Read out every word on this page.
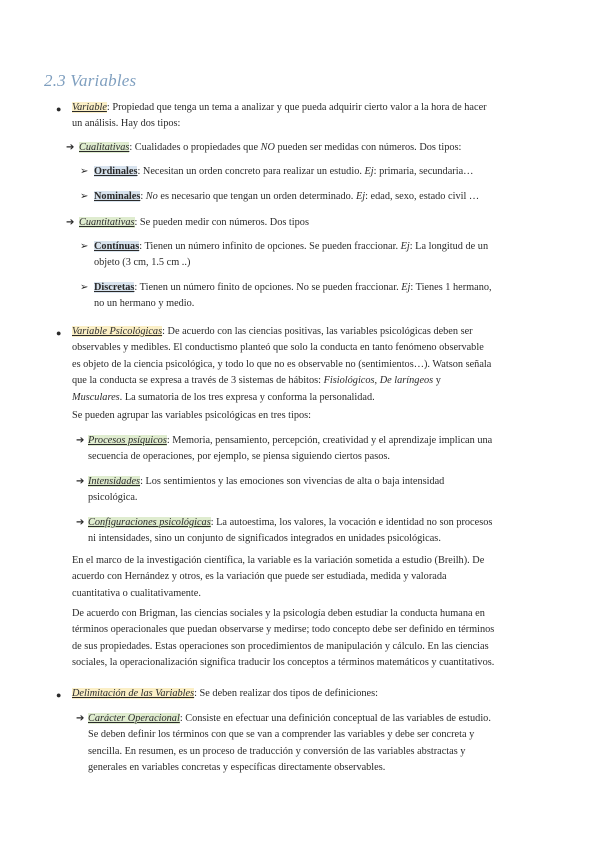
2.3 Variables
● Variable: Propiedad que tenga un tema a analizar y que pueda adquirir cierto valor a la hora de hacer
un análisis. Hay dos tipos:
➔ Cualitativas: Cualidades o propiedades que NO pueden ser medidas con números. Dos tipos:
➢ Ordinales: Necesitan un orden concreto para realizar un estudio. Ej: primaria, secundaria…
➢ Nominales: No es necesario que tengan un orden determinado. Ej: edad, sexo, estado civil …
➔ Cuantitativas: Se pueden medir con números. Dos tipos
➢ Contínuas: Tienen un número infinito de opciones. Se pueden fraccionar. Ej: La longitud de un
objeto (3 cm, 1.5 cm ..)
➢ Discretas: Tienen un número finito de opciones. No se pueden fraccionar. Ej: Tienes 1 hermano,
no un hermano y medio.
● Variable Psicológicas: De acuerdo con las ciencias positivas, las variables psicológicas deben ser
observables y medibles. El conductismo planteó que solo la conducta en tanto fenómeno observable
es objeto de la ciencia psicológica, y todo lo que no es observable no (sentimientos…). Watson señala
que la conducta se expresa a través de 3 sistemas de hábitos: Fisiológicos, De laríngeos y
Musculares. La sumatoria de los tres expresa y conforma la personalidad.
Se pueden agrupar las variables psicológicas en tres tipos:
➔ Procesos psíquicos: Memoria, pensamiento, percepción, creatividad y el aprendizaje implican una
secuencia de operaciones, por ejemplo, se piensa siguiendo ciertos pasos.
➔ Intensidades: Los sentimientos y las emociones son vivencias de alta o baja intensidad
psicológica.
➔ Configuraciones psicológicas: La autoestima, los valores, la vocación e identidad no son procesos
ni intensidades, sino un conjunto de significados integrados en unidades psicológicas.
En el marco de la investigación científica, la variable es la variación sometida a estudio (Breilh). De
acuerdo con Hernández y otros, es la variación que puede ser estudiada, medida y valorada
cuantitativa o cualitativamente.
De acuerdo con Brigman, las ciencias sociales y la psicología deben estudiar la conducta humana en
términos operacionales que puedan observarse y medirse; todo concepto debe ser definido en términos
de sus propiedades. Estas operaciones son procedimientos de manipulación y cálculo. En las ciencias
sociales, la operacionalización significa traducir los conceptos a términos matemáticos y cuantitativos.
● Delimitación de las Variables: Se deben realizar dos tipos de definiciones:
➔ Carácter Operacional: Consiste en efectuar una definición conceptual de las variables de estudio.
Se deben definir los términos con que se van a comprender las variables y debe ser concreta y
sencilla. En resumen, es un proceso de traducción y conversión de las variables abstractas y
generales en variables concretas y específicas directamente observables.
